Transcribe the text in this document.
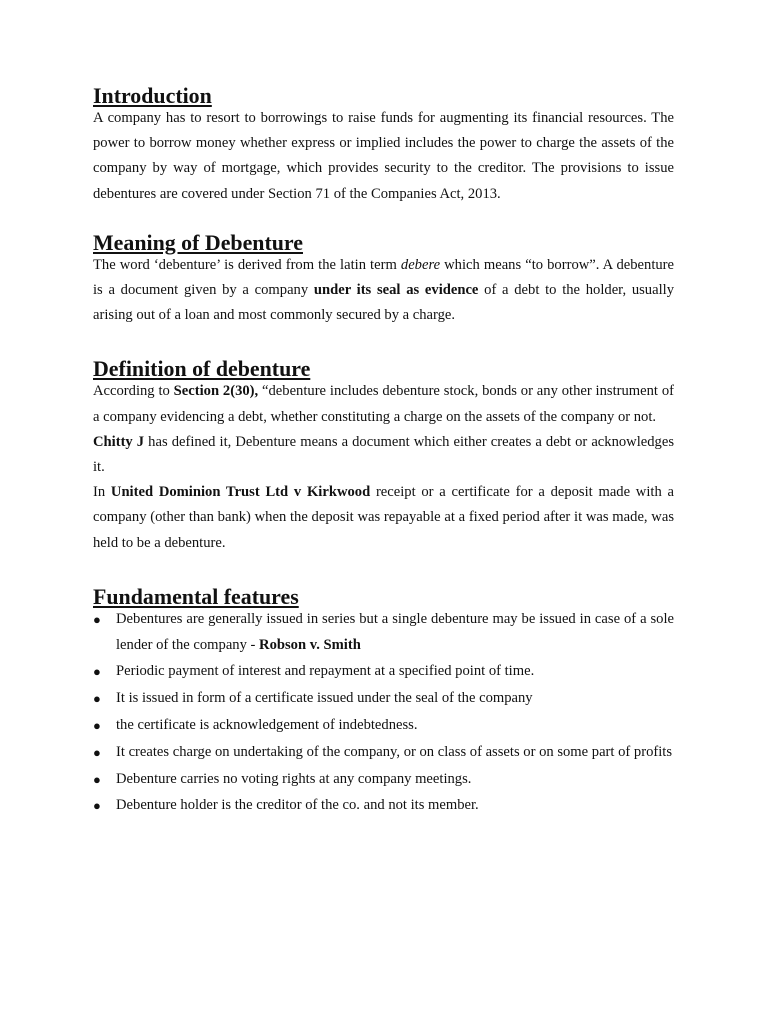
Introduction

A company has to resort to borrowings to raise funds for augmenting its financial resources. The power to borrow money whether express or implied includes the power to charge the assets of the company by way of mortgage, which provides security to the creditor. The provisions to issue debentures are covered under Section 71 of the Companies Act, 2013.

Meaning of Debenture

The word ‘debenture’ is derived from the latin term debere which means “to borrow”. A debenture is a document given by a company under its seal as evidence of a debt to the holder, usually arising out of a loan and most commonly secured by a charge.

Definition of debenture

According to Section 2(30), “debenture includes debenture stock, bonds or any other instrument of a company evidencing a debt, whether constituting a charge on the assets of the company or not.

Chitty J has defined it, Debenture means a document which either creates a debt or acknowledges it.

In United Dominion Trust Ltd v Kirkwood receipt or a certificate for a deposit made with a company (other than bank) when the deposit was repayable at a fixed period after it was made, was held to be a debenture.

Fundamental features
● Debentures are generally issued in series but a single debenture may be issued in case of a sole lender of the company - Robson v. Smith
● Periodic payment of interest and repayment at a specified point of time.
● It is issued in form of a certificate issued under the seal of the company
● the certificate is acknowledgement of indebtedness.
● It creates charge on undertaking of the company, or on class of assets or on some part of profits
● Debenture carries no voting rights at any company meetings.
● Debenture holder is the creditor of the co. and not its member.
